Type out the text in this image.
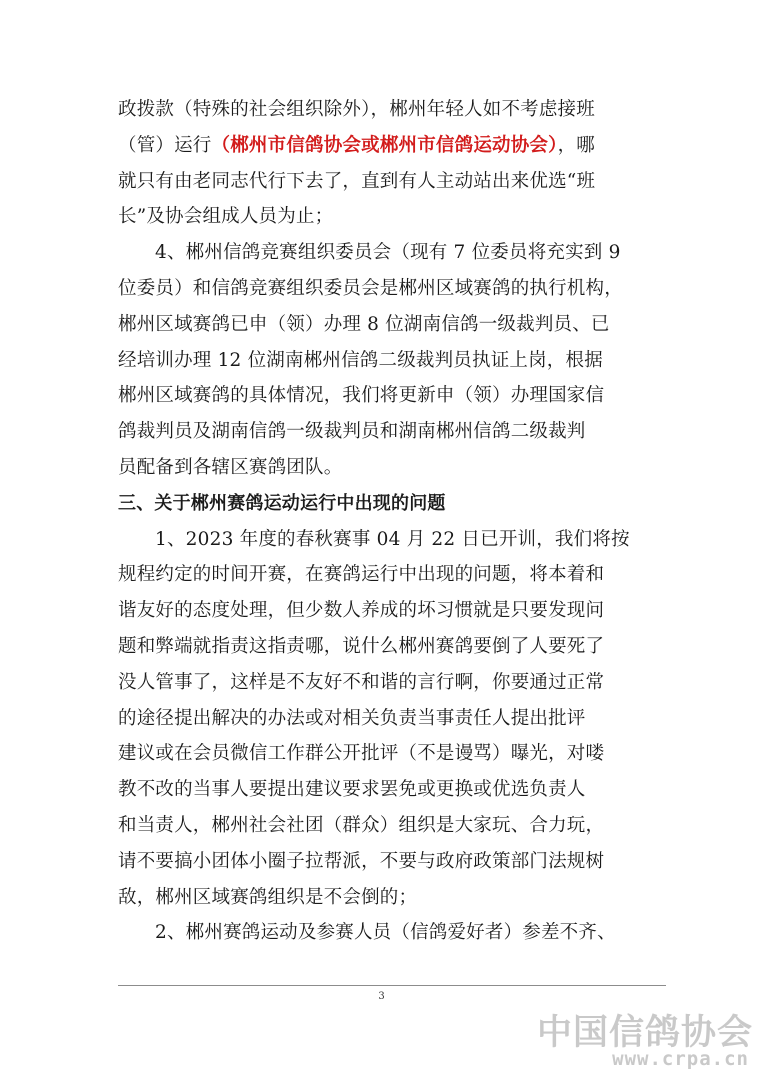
政拨款（特殊的社会组织除外），郴州年轻人如不考虑接班
（管）运行（郴州市信鸽协会或郴州市信鸽运动协会），哪
就只有由老同志代行下去了，直到有人主动站出来优选“班
长”及协会组成人员为止；
4、郴州信鸽竞赛组织委员会（现有 7 位委员将充实到 9
位委员）和信鸽竞赛组织委员会是郴州区域赛鸽的执行机构，
郴州区域赛鸽已申（领）办理 8 位湖南信鸽一级裁判员、已
经培训办理 12 位湖南郴州信鸽二级裁判员执证上岗，根据
郴州区域赛鸽的具体情况，我们将更新申（领）办理国家信
鸽裁判员及湖南信鸽一级裁判员和湖南郴州信鸽二级裁判
员配备到各辖区赛鸽团队。
三、关于郴州赛鸽运动运行中出现的问题
1、2023 年度的春秋赛事 04 月 22 日已开训，我们将按
规程约定的时间开赛，在赛鸽运行中出现的问题，将本着和
谐友好的态度处理，但少数人养成的坏习惯就是只要发现问
题和弊端就指责这指责哪，说什么郴州赛鸽要倒了人要死了
没人管事了，这样是不友好不和谐的言行啊，你要通过正常
的途径提出解决的办法或对相关负责当事责任人提出批评
建议或在会员微信工作群公开批评（不是谩骂）曝光，对喽
教不改的当事人要提出建议要求罢免或更换或优选负责人
和当责人，郴州社会社团（群众）组织是大家玩、合力玩，
请不要搞小团体小圈子拉帮派，不要与政府政策部门法规树
敌，郴州区域赛鸽组织是不会倒的；
2、郴州赛鸽运动及参赛人员（信鸽爱好者）参差不齐、
3
中国信鸽协会
www.crpa.cn
